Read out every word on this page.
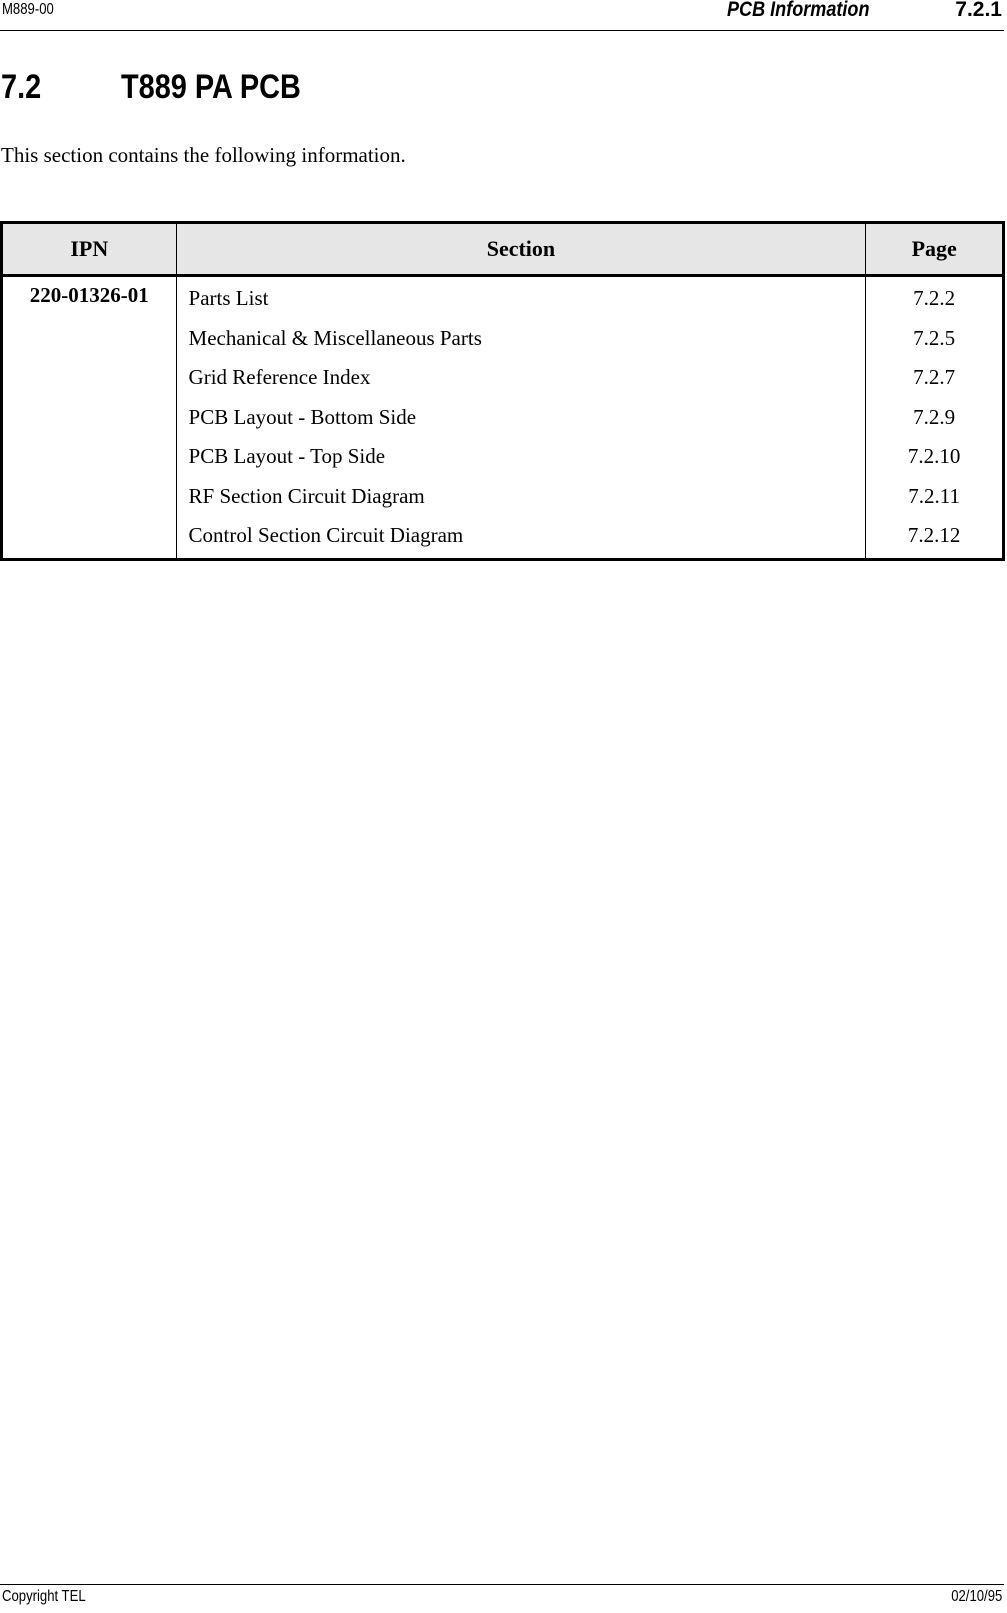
M889-00	PCB Information	7.2.1
7.2 T889 PA PCB
This section contains the following information.
IPN	Section	Page
220-01326-01	Parts List	7.2.2
	Mechanical & Miscellaneous Parts	7.2.5
	Grid Reference Index	7.2.7
	PCB Layout - Bottom Side	7.2.9
	PCB Layout - Top Side	7.2.10
	RF Section Circuit Diagram	7.2.11
	Control Section Circuit Diagram	7.2.12
Copyright TEL	02/10/95
